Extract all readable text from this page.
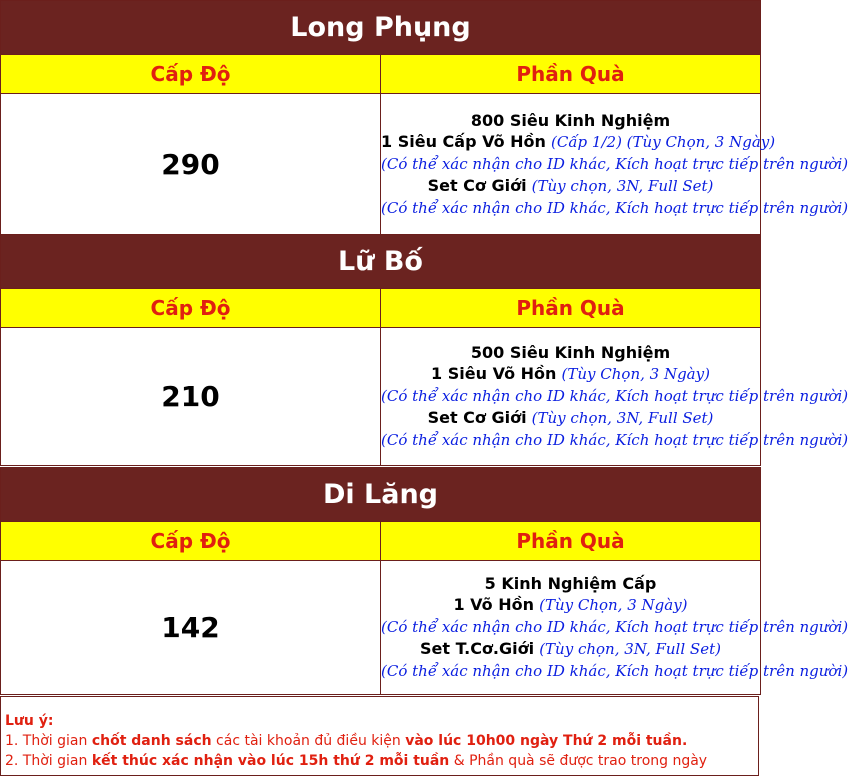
Long Phụng	
Cấp Độ	Phần Quà
290	800 Siêu Kinh Nghiệm
1 Siêu Cấp Võ Hồn (Cấp 1/2) (Tùy Chọn, 3 Ngày)
(Có thể xác nhận cho ID khác, Kích hoạt trực tiếp trên người)
Set Cơ Giới (Tùy chọn, 3N, Full Set)
(Có thể xác nhận cho ID khác, Kích hoạt trực tiếp trên người)
Lữ Bố	
Cấp Độ	Phần Quà
210	500 Siêu Kinh Nghiệm
1 Siêu Võ Hồn (Tùy Chọn, 3 Ngày)
(Có thể xác nhận cho ID khác, Kích hoạt trực tiếp trên người)
Set Cơ Giới (Tùy chọn, 3N, Full Set)
(Có thể xác nhận cho ID khác, Kích hoạt trực tiếp trên người)
Di Lăng	
Cấp Độ	Phần Quà
142	5 Kinh Nghiệm Cấp
1 Võ Hồn (Tùy Chọn, 3 Ngày)
(Có thể xác nhận cho ID khác, Kích hoạt trực tiếp trên người)
Set T.Cơ.Giới (Tùy chọn, 3N, Full Set)
(Có thể xác nhận cho ID khác, Kích hoạt trực tiếp trên người)
Lưu ý:
1. Thời gian chốt danh sách các tài khoản đủ điều kiện vào lúc 10h00 ngày Thứ 2 mỗi tuần.
2. Thời gian kết thúc xác nhận vào lúc 15h thứ 2 mỗi tuần & Phần quà sẽ được trao trong ngày
